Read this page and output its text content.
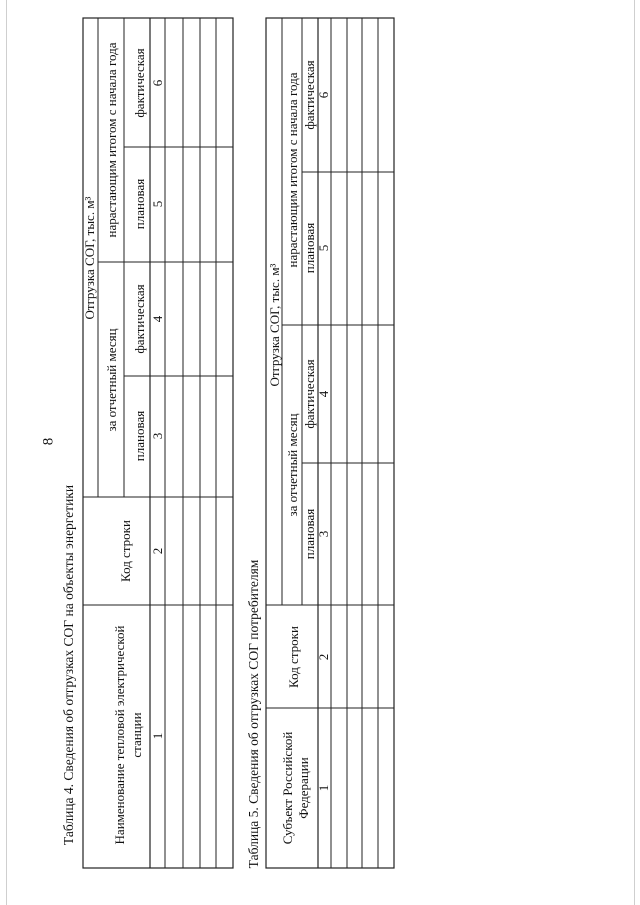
8
Таблица 4. Сведения об отгрузках СОГ на объекты энергетики	Наименование тепловой электрической станции
Код строки
Отгрузка СОГ, тыс. м³
за отчетный месяц
нарастающим итогом с начала года
плановая
фактическая
плановая
фактическая
1
2
3
4
5
6
Таблица 5. Сведения об отгрузках СОГ потребителям Субъект Российской Федерации
Код строки
Отгрузка СОГ, тыс. м³
за отчетный месяц
нарастающим итогом с начала года
плановая
фактическая
плановая
фактическая
1
2
3
4
5
6
